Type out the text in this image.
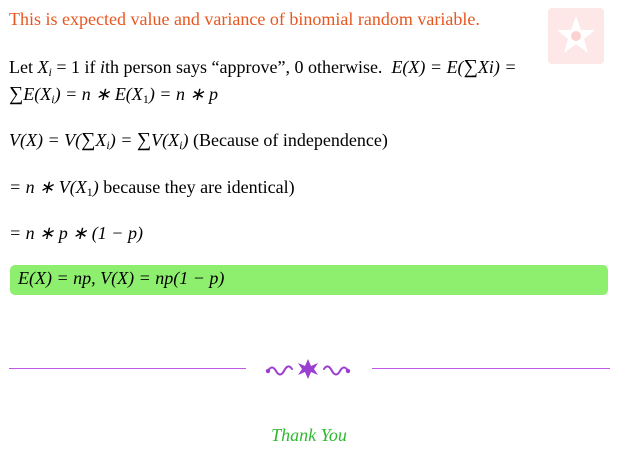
This is expected value and variance of binomial random variable.
Let $X_i = 1$ if ith person says “approve”, 0 otherwise. E(X) = E(∑Xi) =
$\sum E(X_i) = n$ ∗ $E(X_1) = n$ ∗ p
$V(X) = V(\sum X_i) = \sum V(X_i)$ (Because of independence)
= n ∗ $V(X_1)$ because they are identical)
= n ∗ p ∗ (1 − p)
E(X) = np, V(X) = np(1 − p)
Thank You
